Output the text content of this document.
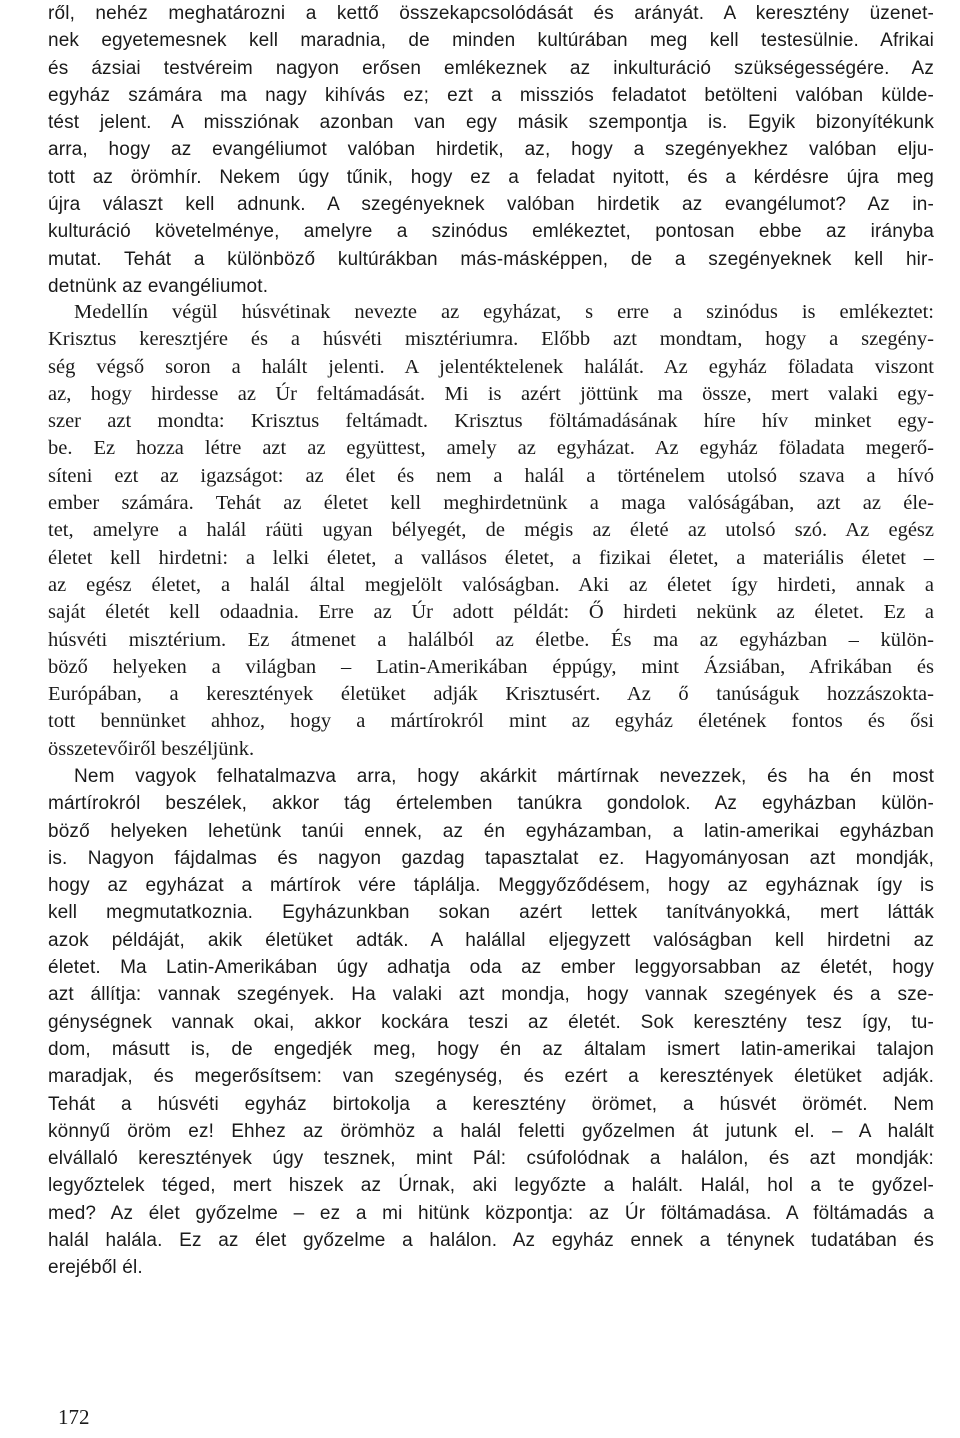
ről, nehéz meghatározni a kettő összekapcsolódását és arányát. A keresztény üzenet-
nek egyetemesnek kell maradnia, de minden kultúrában meg kell testesülnie. Afrikai
és ázsiai testvéreim nagyon erősen emlékeznek az inkulturáció szükségességére. Az
egyház számára ma nagy kihívás ez; ezt a missziós feladatot betölteni valóban külde-
tést jelent. A missziónak azonban van egy másik szempontja is. Egyik bizonyítékunk
arra, hogy az evangéliumot valóban hirdetik, az, hogy a szegényekhez valóban elju-
tott az örömhír. Nekem úgy tűnik, hogy ez a feladat nyitott, és a kérdésre újra meg
újra választ kell adnunk. A szegényeknek valóban hirdetik az evangélumot? Az in-
kulturáció követelménye, amelyre a szinódus emlékeztet, pontosan ebbe az irányba
mutat. Tehát a különböző kultúrákban más-másképpen, de a szegényeknek kell hir-
detnünk az evangéliumot.
Medellín végül húsvétinak nevezte az egyházat, s erre a szinódus is emlékeztet:
Krisztus keresztjére és a húsvéti misztériumra. Előbb azt mondtam, hogy a szegény-
ség végső soron a halált jelenti. A jelentéktelenek halálát. Az egyház föladata viszont
az, hogy hirdesse az Úr feltámadását. Mi is azért jöttünk ma össze, mert valaki egy-
szer azt mondta: Krisztus feltámadt. Krisztus föltámadásának híre hív minket egy-
be. Ez hozza létre azt az együttest, amely az egyházat. Az egyház föladata megerő-
síteni ezt az igazságot: az élet és nem a halál a történelem utolsó szava a hívó
ember számára. Tehát az életet kell meghirdetnünk a maga valóságában, azt az éle-
tet, amelyre a halál ráüti ugyan bélyegét, de mégis az életé az utolsó szó. Az egész
életet kell hirdetni: a lelki életet, a vallásos életet, a fizikai életet, a materiális életet –
az egész életet, a halál által megjelölt valóságban. Aki az életet így hirdeti, annak a
saját életét kell odaadnia. Erre az Úr adott példát: Ő hirdeti nekünk az életet. Ez a
húsvéti misztérium. Ez átmenet a halálból az életbe. És ma az egyházban – külön-
böző helyeken a világban – Latin-Amerikában éppúgy, mint Ázsiában, Afrikában és
Európában, a keresztények életüket adják Krisztusért. Az ő tanúságuk hozzászokta-
tott bennünket ahhoz, hogy a mártírokról mint az egyház életének fontos és ősi
összetevőiről beszéljünk.
Nem vagyok felhatalmazva arra, hogy akárkit mártírnak nevezzek, és ha én most
mártírokról beszélek, akkor tág értelemben tanúkra gondolok. Az egyházban külön-
böző helyeken lehetünk tanúi ennek, az én egyházamban, a latin-amerikai egyházban
is. Nagyon fájdalmas és nagyon gazdag tapasztalat ez. Hagyományosan azt mondják,
hogy az egyházat a mártírok vére táplálja. Meggyőződésem, hogy az egyháznak így is
kell megmutatkoznia. Egyházunkban sokan azért lettek tanítványokká, mert látták
azok példáját, akik életüket adták. A halállal eljegyzett valóságban kell hirdetni az
életet. Ma Latin-Amerikában úgy adhatja oda az ember leggyorsabban az életét, hogy
azt állítja: vannak szegények. Ha valaki azt mondja, hogy vannak szegények és a sze-
génységnek vannak okai, akkor kockára teszi az életét. Sok keresztény tesz így, tu-
dom, másutt is, de engedjék meg, hogy én az általam ismert latin-amerikai talajon
maradjak, és megerősítsem: van szegénység, és ezért a keresztények életüket adják.
Tehát a húsvéti egyház birtokolja a keresztény örömet, a húsvét örömét. Nem
könnyű öröm ez! Ehhez az örömhöz a halál feletti győzelmen át jutunk el. – A halált
elvállaló keresztények úgy tesznek, mint Pál: csúfolódnak a halálon, és azt mondják:
legyőztelek téged, mert hiszek az Úrnak, aki legyőzte a halált. Halál, hol a te győzel-
med? Az élet győzelme – ez a mi hitünk központja: az Úr föltámadása. A föltámadás a
halál halála. Ez az élet győzelme a halálon. Az egyház ennek a ténynek tudatában és
erejéből él.
172
